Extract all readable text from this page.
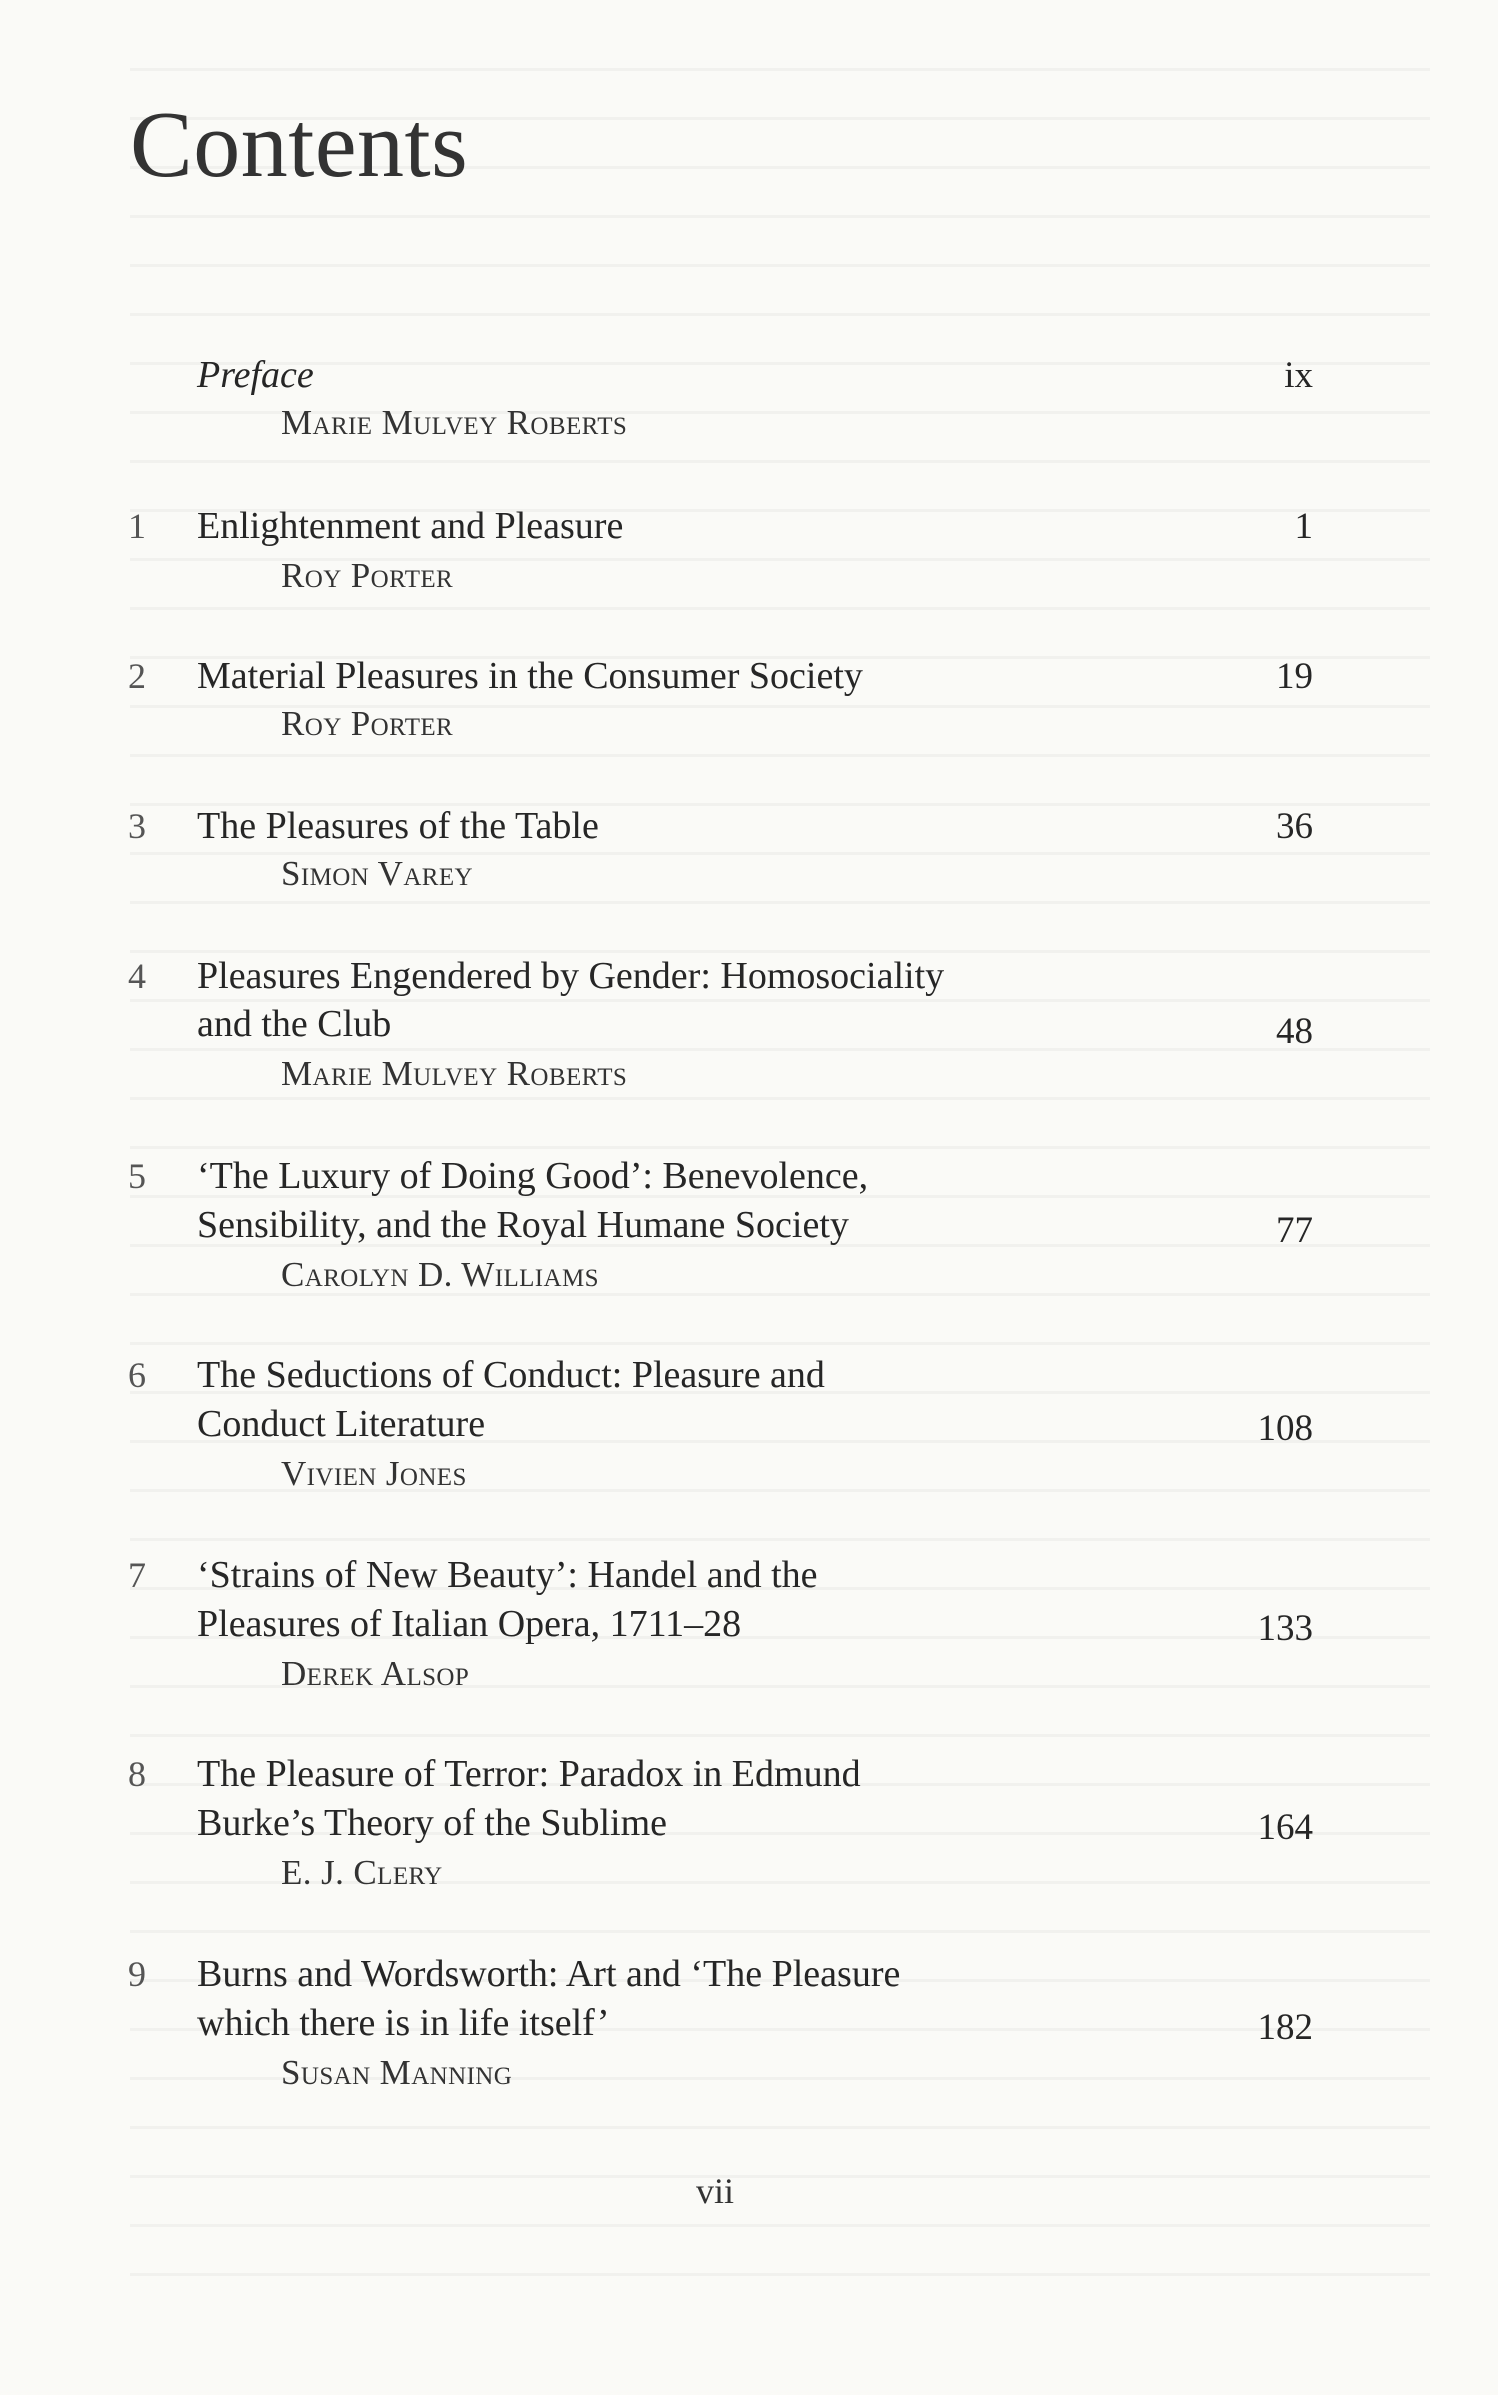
Contents
Preface	ix
Marie Mulvey Roberts
1	Enlightenment and Pleasure	1
Roy Porter
2	Material Pleasures in the Consumer Society	19
Roy Porter
3	The Pleasures of the Table	36
Simon Varey
4	Pleasures Engendered by Gender: Homosociality
and the Club	48
Marie Mulvey Roberts
5	‘The Luxury of Doing Good’: Benevolence,
Sensibility, and the Royal Humane Society	77
Carolyn D. Williams
6	The Seductions of Conduct: Pleasure and
Conduct Literature	108
Vivien Jones
7	‘Strains of New Beauty’: Handel and the
Pleasures of Italian Opera, 1711–28	133
Derek Alsop
8	The Pleasure of Terror: Paradox in Edmund
Burke’s Theory of the Sublime	164
E. J. Clery
9	Burns and Wordsworth: Art and ‘The Pleasure
which there is in life itself’	182
Susan Manning
vii
